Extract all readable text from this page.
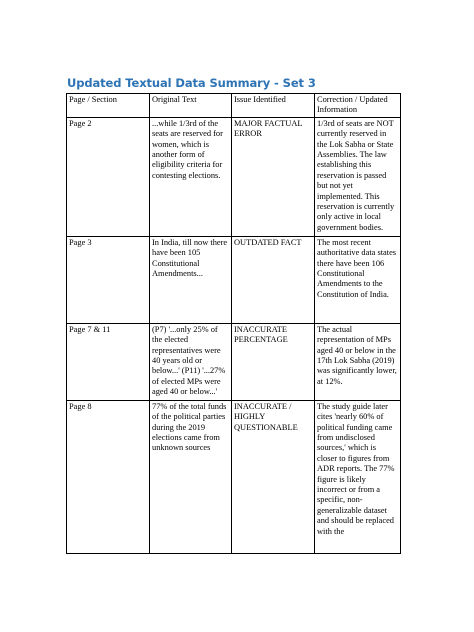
Updated Textual Data Summary - Set 3
Page / Section	Original Text	Issue Identified	Correction / Updated Information
Page 2	...while 1/3rd of the seats are reserved for women, which is another form of eligibility criteria for contesting elections.	MAJOR FACTUAL ERROR	1/3rd of seats are NOT currently reserved in the Lok Sabha or State Assemblies. The law establishing this reservation is passed but not yet implemented. This reservation is currently only active in local government bodies.
Page 3	In India, till now there have been 105 Constitutional Amendments...	OUTDATED FACT	The most recent authoritative data states there have been 106 Constitutional Amendments to the Constitution of India.
Page 7 & 11	(P7) '...only 25% of the elected representatives were 40 years old or below...' (P11) '...27% of elected MPs were aged 40 or below...'	INACCURATE PERCENTAGE	The actual representation of MPs aged 40 or below in the 17th Lok Sabha (2019) was significantly lower, at 12%.
Page 8	77% of the total funds of the political parties during the 2019 elections came from unknown sources	INACCURATE / HIGHLY QUESTIONABLE	The study guide later cites 'nearly 60% of political funding came from undisclosed sources,' which is closer to figures from ADR reports. The 77% figure is likely incorrect or from a specific, non-generalizable dataset and should be replaced with the
